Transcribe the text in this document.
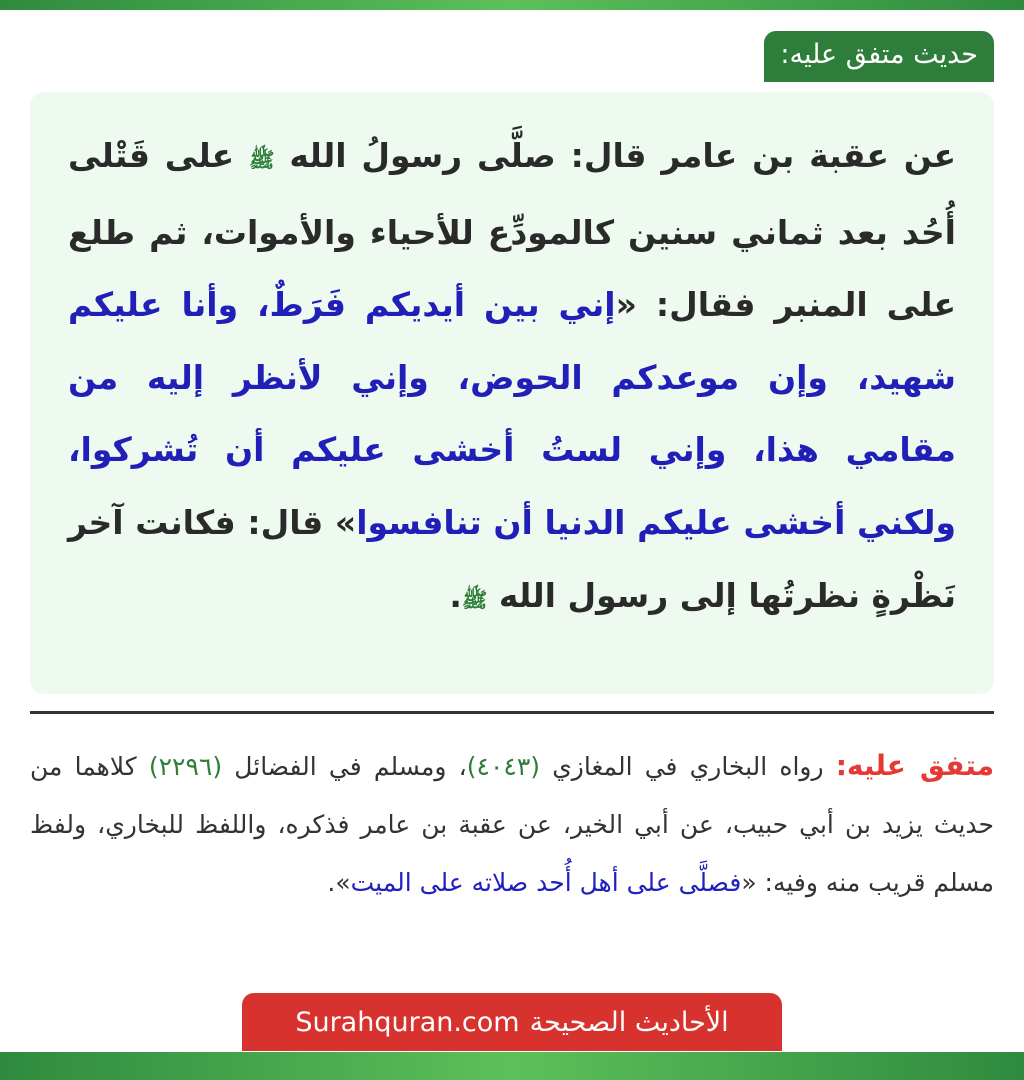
حديث متفق عليه:
عن عقبة بن عامر قال: صلَّى رسولُ الله ﷺ على قَتْلى أُحُد بعد ثماني سنين كالمودِّع للأحياء والأموات، ثم طلع على المنبر فقال: «إني بين أيديكم فَرَطٌ، وأنا عليكم شهيد، وإن موعدكم الحوض، وإني لأنظر إليه من مقامي هذا، وإني لستُ أخشى عليكم أن تُشركوا، ولكني أخشى عليكم الدنيا أن تنافسوا» قال: فكانت آخر نَظْرةٍ نظرتُها إلى رسول الله ﷺ.
متفق عليه: رواه البخاري في المغازي (٤٠٤٣)، ومسلم في الفضائل (٢٢٩٦) كلاهما من حديث يزيد بن أبي حبيب، عن أبي الخير، عن عقبة بن عامر فذكره، واللفظ للبخاري، ولفظ مسلم قريب منه وفيه: «فصلَّى على أهل أُحد صلاته على الميت».
الأحاديث الصحيحة
Surahquran.com
